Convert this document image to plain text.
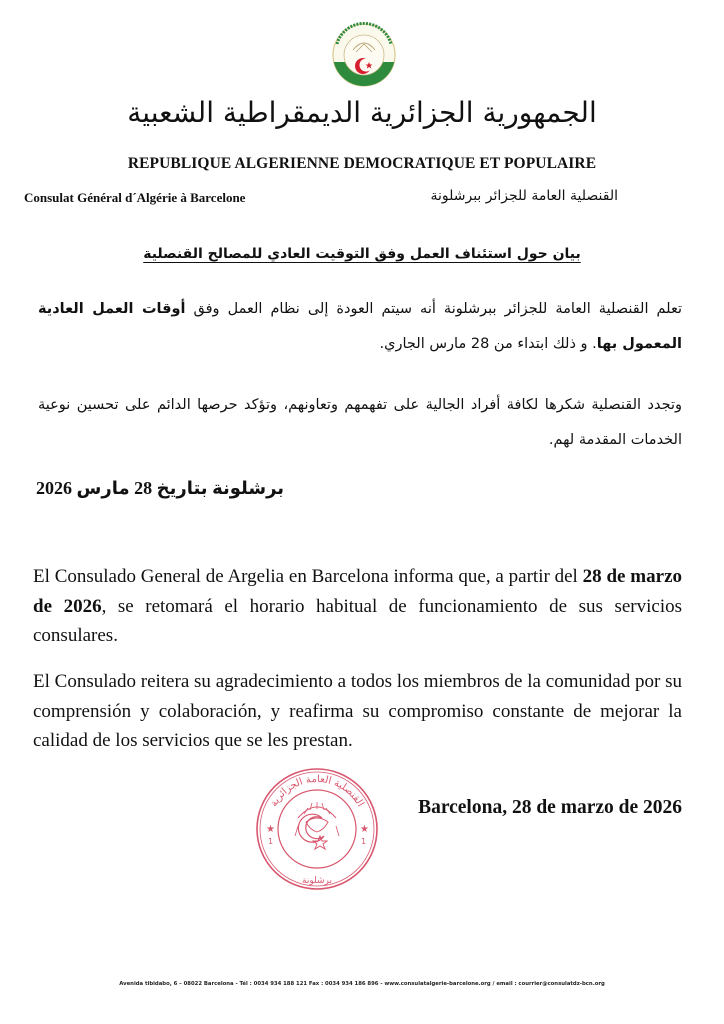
الجمهورية الجزائرية الديمقراطية الشعبية
REPUBLIQUE ALGERIENNE DEMOCRATIQUE ET POPULAIRE
Consulat Général d´Algérie à Barcelone	القنصلية العامة للجزائر ببرشلونة
بيان حول استئناف العمل وفق التوقيت العادي للمصالح القنصلية
تعلم القنصلية العامة للجزائر ببرشلونة أنه سيتم العودة إلى نظام العمل وفق أوقات العمل العادية المعمول بها. و ذلك ابتداء من 28 مارس الجاري.
وتجدد القنصلية شكرها لكافة أفراد الجالية على تفهمهم وتعاونهم، وتؤكد حرصها الدائم على تحسين نوعية الخدمات المقدمة لهم.
برشلونة بتاريخ 28 مارس 2026
El Consulado General de Argelia en Barcelona informa que, a partir del 28 de marzo de 2026, se retomará el horario habitual de funcionamiento de sus servicios consulares.
El Consulado reitera su agradecimiento a todos los miembros de la comunidad por su comprensión y colaboración, y reafirma su compromiso constante de mejorar la calidad de los servicios que se les prestan.
القنصلية العامة الجزائرية
برشلونة
★	★
1	1
Barcelona, 28 de marzo de 2026
Avenida tibidabo, 6 – 08022 Barcelona - Tél : 0034 934 188 121 Fax : 0034 934 186 896 - www.consulatalgerie-barcelone.org / email : courrier@consulatdz-bcn.org
